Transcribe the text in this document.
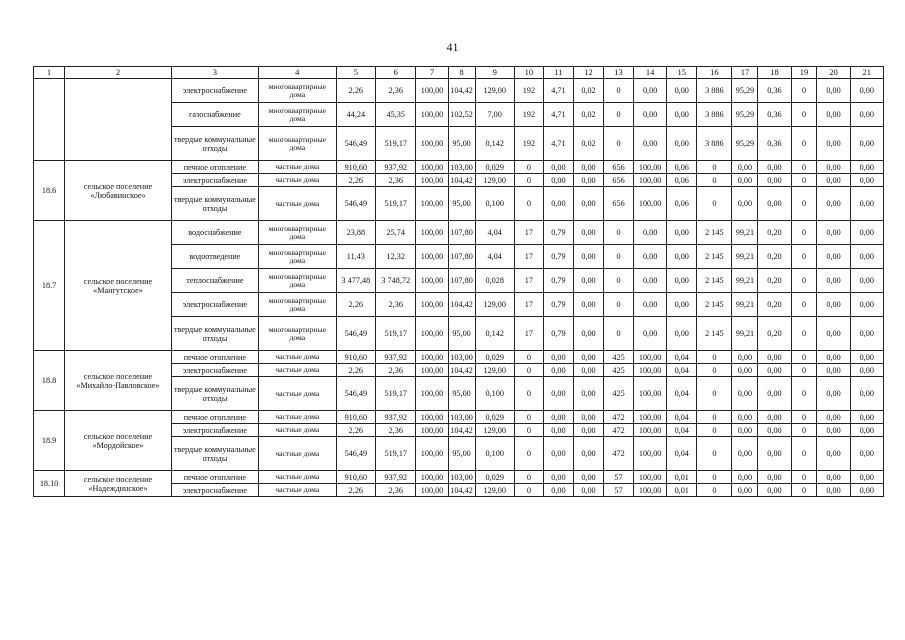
41
1	2	3	4	5	6	7	8	9	10	11	12	13	14	15	16	17	18	19	20	21
		электроснабжение	многоквартирные дома	2,26	2,36	100,00	104,42	129,00	192	4,71	0,02	0	0,00	0,00	3 886	95,29	0,36	0	0,00	0,00
		газоснабжение	многоквартирные дома	44,24	45,35	100,00	102,52	7,00	192	4,71	0,02	0	0,00	0,00	3 886	95,29	0,36	0	0,00	0,00
		твердые коммунальные отходы	многоквартирные дома	546,49	519,17	100,00	95,00	0,142	192	4,71	0,02	0	0,00	0,00	3 886	95,29	0,36	0	0,00	0,00
18.6	сельское поселение «Любавинское»	печное отопление	частные дома	910,60	937,92	100,00	103,00	0,029	0	0,00	0,00	656	100,00	0,06	0	0,00	0,00	0	0,00	0,00
		электроснабжение	частные дома	2,26	2,36	100,00	104,42	129,00	0	0,00	0,00	656	100,00	0,06	0	0,00	0,00	0	0,00	0,00
		твердые коммунальные отходы	частные дома	546,49	519,17	100,00	95,00	0,100	0	0,00	0,00	656	100,00	0,06	0	0,00	0,00	0	0,00	0,00
18.7	сельское поселение «Мангутское»	водоснабжение	многоквартирные дома	23,88	25,74	100,00	107,80	4,04	17	0,79	0,00	0	0,00	0,00	2 145	99,21	0,20	0	0,00	0,00
		водоотведение	многоквартирные дома	11,43	12,32	100,00	107,80	4,04	17	0,79	0,00	0	0,00	0,00	2 145	99,21	0,20	0	0,00	0,00
		теплоснабжение	многоквартирные дома	3 477,48	3 748,72	100,00	107,80	0,028	17	0,79	0,00	0	0,00	0,00	2 145	99,21	0,20	0	0,00	0,00
		электроснабжение	многоквартирные дома	2,26	2,36	100,00	104,42	129,00	17	0,79	0,00	0	0,00	0,00	2 145	99,21	0,20	0	0,00	0,00
		твердые коммунальные отходы	многоквартирные дома	546,49	519,17	100,00	95,00	0,142	17	0,79	0,00	0	0,00	0,00	2 145	99,21	0,20	0	0,00	0,00
18.8	сельское поселение «Михайло-Павловское»	печное отопление	частные дома	910,60	937,92	100,00	103,00	0,029	0	0,00	0,00	425	100,00	0,04	0	0,00	0,00	0	0,00	0,00
		электроснабжение	частные дома	2,26	2,36	100,00	104,42	129,00	0	0,00	0,00	425	100,00	0,04	0	0,00	0,00	0	0,00	0,00
		твердые коммунальные отходы	частные дома	546,49	519,17	100,00	95,00	0,100	0	0,00	0,00	425	100,00	0,04	0	0,00	0,00	0	0,00	0,00
18.9	сельское поселение «Мордойское»	печное отопление	частные дома	910,60	937,92	100,00	103,00	0,029	0	0,00	0,00	472	100,00	0,04	0	0,00	0,00	0	0,00	0,00
		электроснабжение	частные дома	2,26	2,36	100,00	104,42	129,00	0	0,00	0,00	472	100,00	0,04	0	0,00	0,00	0	0,00	0,00
		твердые коммунальные отходы	частные дома	546,49	519,17	100,00	95,00	0,100	0	0,00	0,00	472	100,00	0,04	0	0,00	0,00	0	0,00	0,00
18.10	сельское поселение «Надеждинское»	печное отопление	частные дома	910,60	937,92	100,00	103,00	0,029	0	0,00	0,00	57	100,00	0,01	0	0,00	0,00	0	0,00	0,00
		электроснабжение	частные дома	2,26	2,36	100,00	104,42	129,00	0	0,00	0,00	57	100,00	0,01	0	0,00	0,00	0	0,00	0,00
